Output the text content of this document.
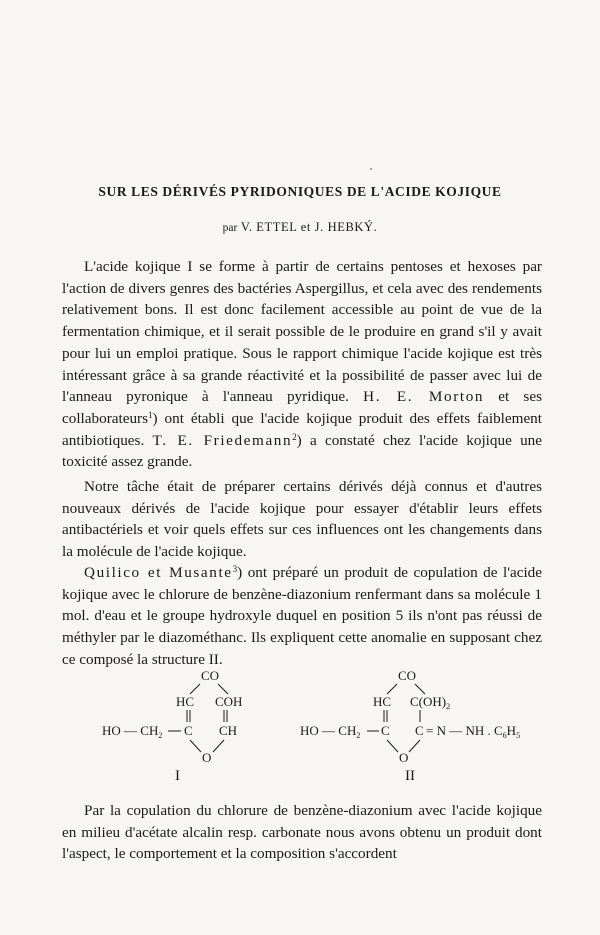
SUR LES DÉRIVÉS PYRIDONIQUES DE L'ACIDE KOJIQUE
par V. ETTEL et J. HEBKÝ.

L'acide kojique I se forme à partir de certains pentoses et hexoses par l'action de divers genres des bactéries Aspergillus, et cela avec des rendements relativement bons. Il est donc facilement accessible au point de vue de la fermentation chimique, et il serait possible de le produire en grand s'il y avait pour lui un emploi pratique. Sous le rapport chimique l'acide kojique est très intéressant grâce à sa grande réactivité et la possibilité de passer avec lui de l'anneau pyronique à l'anneau pyridique. H. E. Morton et ses collaborateurs$^1$) ont établi que l'acide kojique produit des effets faiblement antibiotiques. T. E. Friedemann$^2$) a constaté chez l'acide kojique une toxicité assez grande.

Notre tâche était de préparer certains dérivés déjà connus et d'autres nouveaux dérivés de l'acide kojique pour essayer d'établir leurs effets antibactériels et voir quels effets sur ces influences ont les changements dans la molécule de l'acide kojique.

Quilico et Musante$^3$) ont préparé un produit de copulation de l'acide kojique avec le chlorure de benzène-diazonium renfermant dans sa molécule 1 mol. d'eau et le groupe hydroxyle duquel en position 5 ils n'ont pas réussi de méthyler par le diazométhanc. Ils expliquent cette anomalie en supposant chez ce composé la structure II.

CO
HC COH
HO — $CH_2$ C CH
O
I
CO
HC $C(OH)_2$
HO — $CH_2$ C C = N — NH . $C_6H_5$
O
II

Par la copulation du chlorure de benzène-diazonium avec l'acide kojique en milieu d'acétate alcalin resp. carbonate nous avons obtenu un produit dont l'aspect, le comportement et la composition s'accordent
